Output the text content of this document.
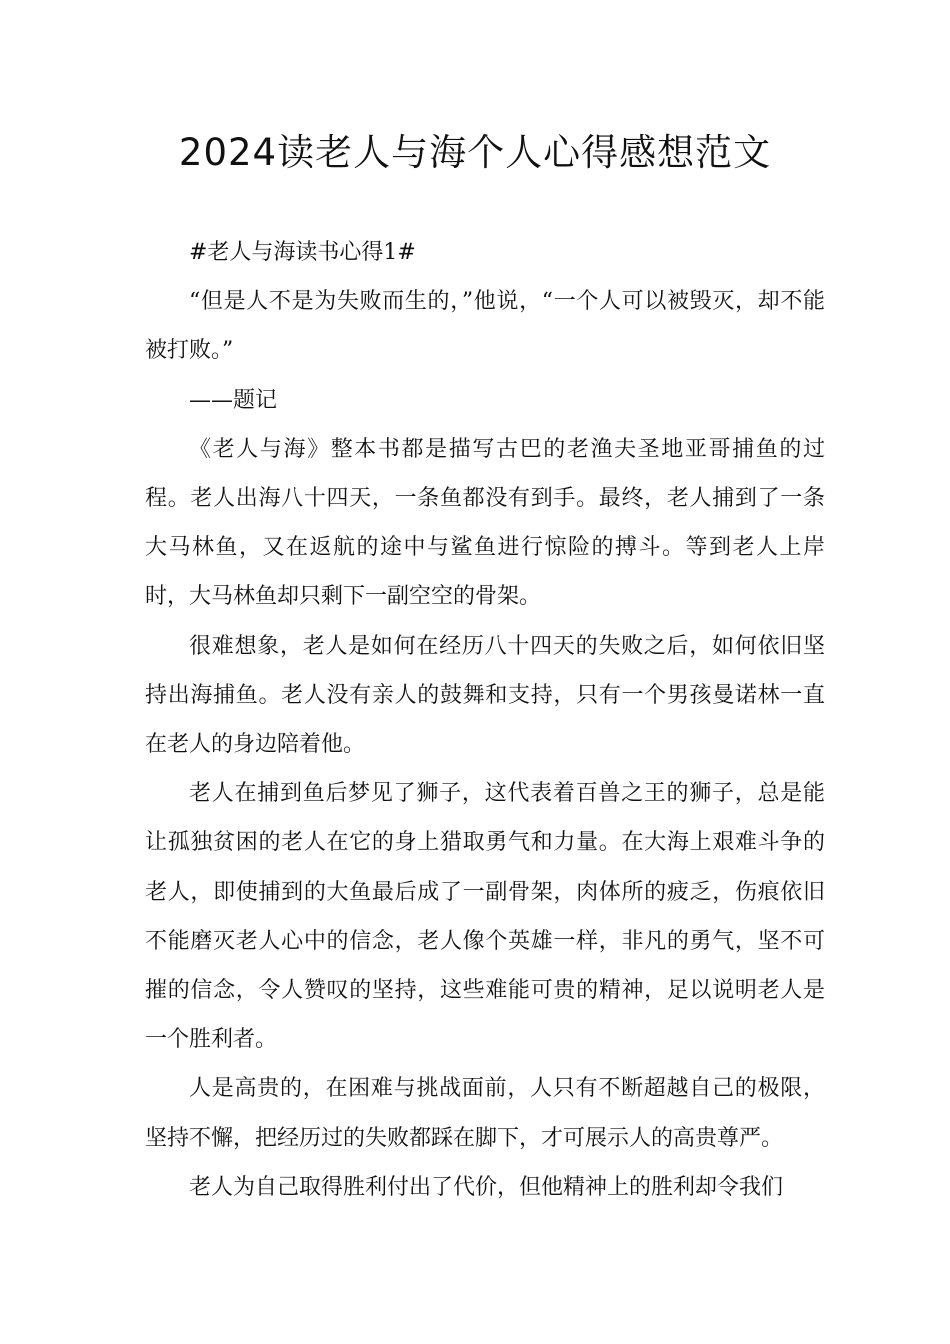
2024读老人与海个人心得感想范文

#老人与海读书心得1#

“但是人不是为失败而生的，”他说，“一个人可以被毁灭，却不能被打败。”

——题记

《老人与海》整本书都是描写古巴的老渔夫圣地亚哥捕鱼的过程。老人出海八十四天，一条鱼都没有到手。最终，老人捕到了一条大马林鱼，又在返航的途中与鲨鱼进行惊险的搏斗。等到老人上岸时，大马林鱼却只剩下一副空空的骨架。

很难想象，老人是如何在经历八十四天的失败之后，如何依旧坚持出海捕鱼。老人没有亲人的鼓舞和支持，只有一个男孩曼诺林一直在老人的身边陪着他。

老人在捕到鱼后梦见了狮子，这代表着百兽之王的狮子，总是能让孤独贫困的老人在它的身上猎取勇气和力量。在大海上艰难斗争的老人，即使捕到的大鱼最后成了一副骨架，肉体所的疲乏，伤痕依旧不能磨灭老人心中的信念，老人像个英雄一样，非凡的勇气，坚不可摧的信念，令人赞叹的坚持，这些难能可贵的精神，足以说明老人是一个胜利者。

人是高贵的，在困难与挑战面前，人只有不断超越自己的极限，坚持不懈，把经历过的失败都踩在脚下，才可展示人的高贵尊严。

老人为自己取得胜利付出了代价，但他精神上的胜利却令我们
